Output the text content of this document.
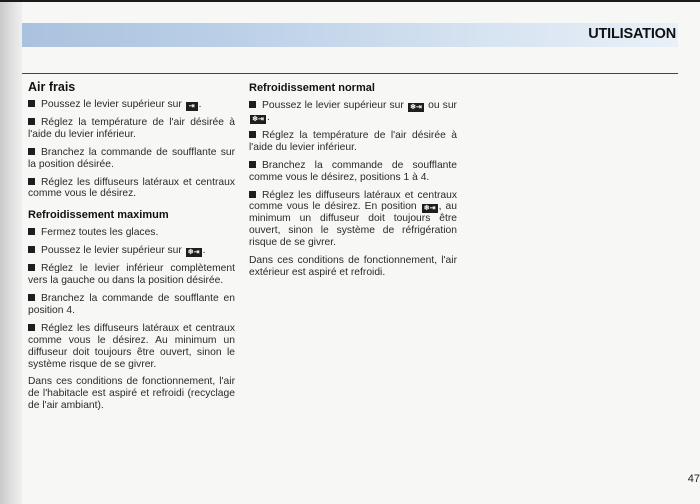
UTILISATION
Air frais

Poussez le levier supérieur sur ⇥ .

Réglez la température de l'air désirée à l'aide du levier inférieur.

Branchez la commande de soufflante sur la position désirée.

Réglez les diffuseurs latéraux et centraux comme vous le désirez.

Refroidissement maximum

Fermez toutes les glaces.

Poussez le levier supérieur sur ❄⇥ .

Réglez le levier inférieur complètement vers la gauche ou dans la position désirée.

Branchez la commande de soufflante en position 4.

Réglez les diffuseurs latéraux et centraux comme vous le désirez. Au minimum un diffuseur doit toujours être ouvert, sinon le système risque de se givrer.

Dans ces conditions de fonctionnement, l'air de l'habitacle est aspiré et refroidi (recyclage de l'air ambiant).

Refroidissement normal

Poussez le levier supérieur sur ❄⇥ ou sur ❄⇥ .

Réglez la température de l'air désirée à l'aide du levier inférieur.

Branchez la commande de soufflante comme vous le désirez, positions 1 à 4.

Réglez les diffuseurs latéraux et centraux comme vous le désirez. En position ❄⇥ , au minimum un diffuseur doit toujours être ouvert, sinon le système de réfrigération risque de se givrer.

Dans ces conditions de fonctionnement, l'air extérieur est aspiré et refroidi.

47
